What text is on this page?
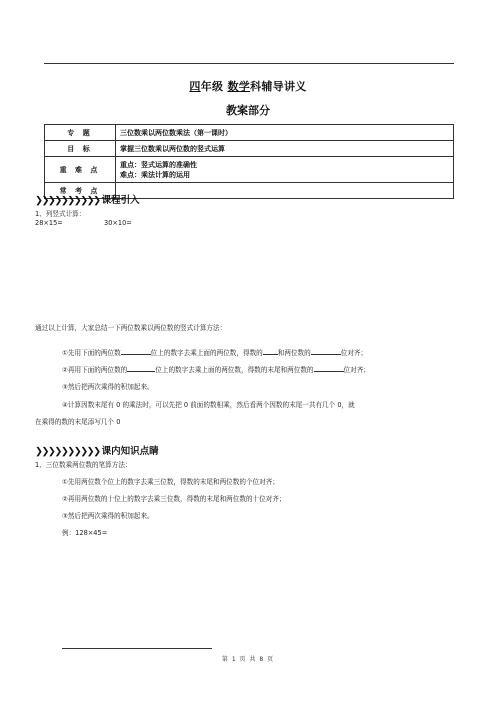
四年级 数学科辅导讲义
教案部分
专 题	三位数乘以两位数乘法（第一课时）
目 标	掌握三位数乘以两位数的竖式运算
重 难 点	重点：竖式运算的准确性
难点：乘法计算的运用

常 考 点	
❯❯❯❯❯❯❯❯❯❯ 课程引入
1、列竖式计算：
28×15=	30×10=
通过以上计算，大家总结一下两位数乘以两位数的竖式计算方法：
①先用下面的两位数	位上的数字去乘上面的两位数，得数的 和两位数的	位对齐；
②再用下面的两位数的	位上的数字去乘上面的两位数，得数的末尾和两位数的	位对齐；
③然后把两次乘得的积加起来。
④计算因数末尾有 0 的乘法时，可以先把 0 前面的数相乘，然后看两个因数的末尾一共有几个 0，就
在乘得的数的末尾添写几个 0
❯❯❯❯❯❯❯❯❯❯ 课内知识点睛
1、三位数乘两位数的笔算方法：
①先用两位数个位上的数字去乘三位数，得数的末尾和两位数的个位对齐；
②再用两位数的十位上的数字去乘三位数，得数的末尾和两位数的十位对齐；
③然后把两次乘得的积加起来。
例：128×45=
第 1 页 共 8 页
